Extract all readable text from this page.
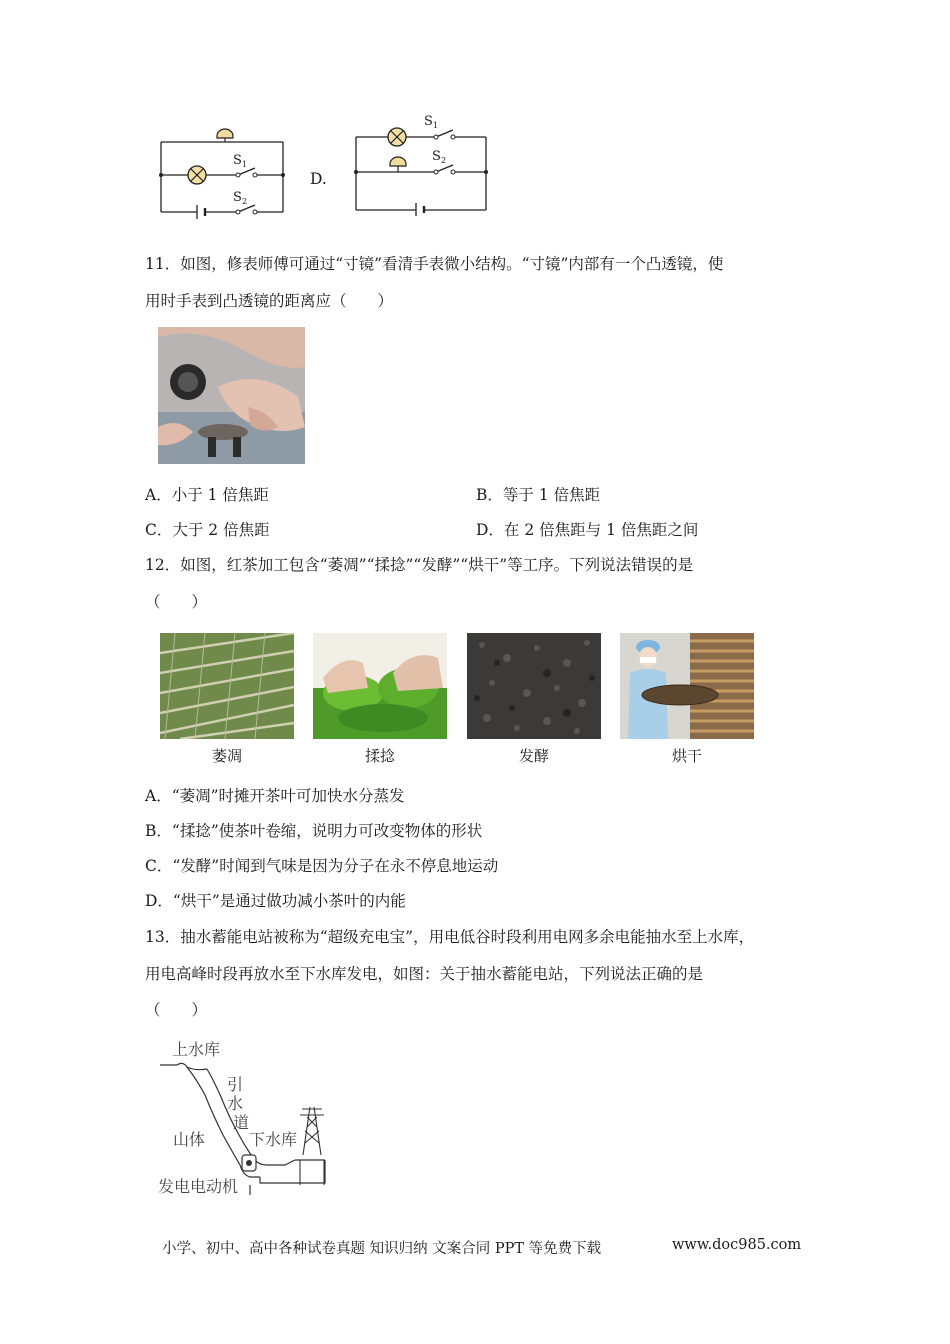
S 1
S 2
D.
S 1
S 2
11．如图，修表师傅可通过“寸镜”看清手表微小结构。“寸镜”内部有一个凸透镜，使
用时手表到凸透镜的距离应（　　）
A．小于 1 倍焦距	B．等于 1 倍焦距
C．大于 2 倍焦距	D．在 2 倍焦距与 1 倍焦距之间
12．如图，红茶加工包含“萎凋”“揉捻”“发酵”“烘干”等工序。下列说法错误的是
（　　）
萎凋	揉捻	发酵	烘干
A．“萎凋”时摊开茶叶可加快水分蒸发
B．“揉捻”使茶叶卷缩，说明力可改变物体的形状
C．“发酵”时闻到气味是因为分子在永不停息地运动
D．“烘干”是通过做功减小茶叶的内能
13．抽水蓄能电站被称为“超级充电宝”，用电低谷时段利用电网多余电能抽水至上水库，
用电高峰时段再放水至下水库发电，如图：关于抽水蓄能电站，下列说法正确的是
（　　）
上水库
引
水
道
山体	下水库
发电电动机
小学、初中、高中各种试卷真题 知识归纳 文案合同 PPT 等免费下载	www.doc985.com
